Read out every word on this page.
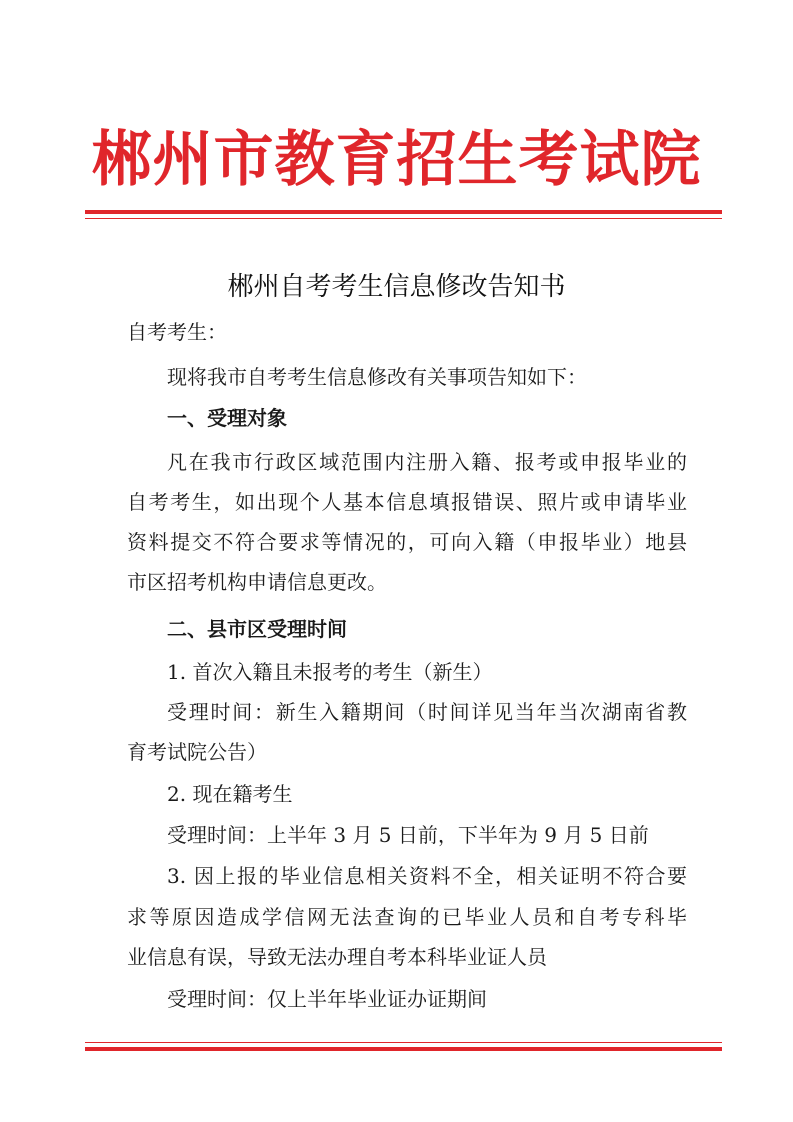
郴州市教育招生考试院
郴州自考考生信息修改告知书
自考考生：
现将我市自考考生信息修改有关事项告知如下：
一、受理对象
凡在我市行政区域范围内注册入籍、报考或申报毕业的
自考考生，如出现个人基本信息填报错误、照片或申请毕业
资料提交不符合要求等情况的，可向入籍（申报毕业）地县
市区招考机构申请信息更改。
二、县市区受理时间
1. 首次入籍且未报考的考生（新生）
受理时间：新生入籍期间（时间详见当年当次湖南省教
育考试院公告）
2. 现在籍考生
受理时间：上半年 3 月 5 日前，下半年为 9 月 5 日前
3. 因上报的毕业信息相关资料不全，相关证明不符合要
求等原因造成学信网无法查询的已毕业人员和自考专科毕
业信息有误，导致无法办理自考本科毕业证人员
受理时间：仅上半年毕业证办证期间
